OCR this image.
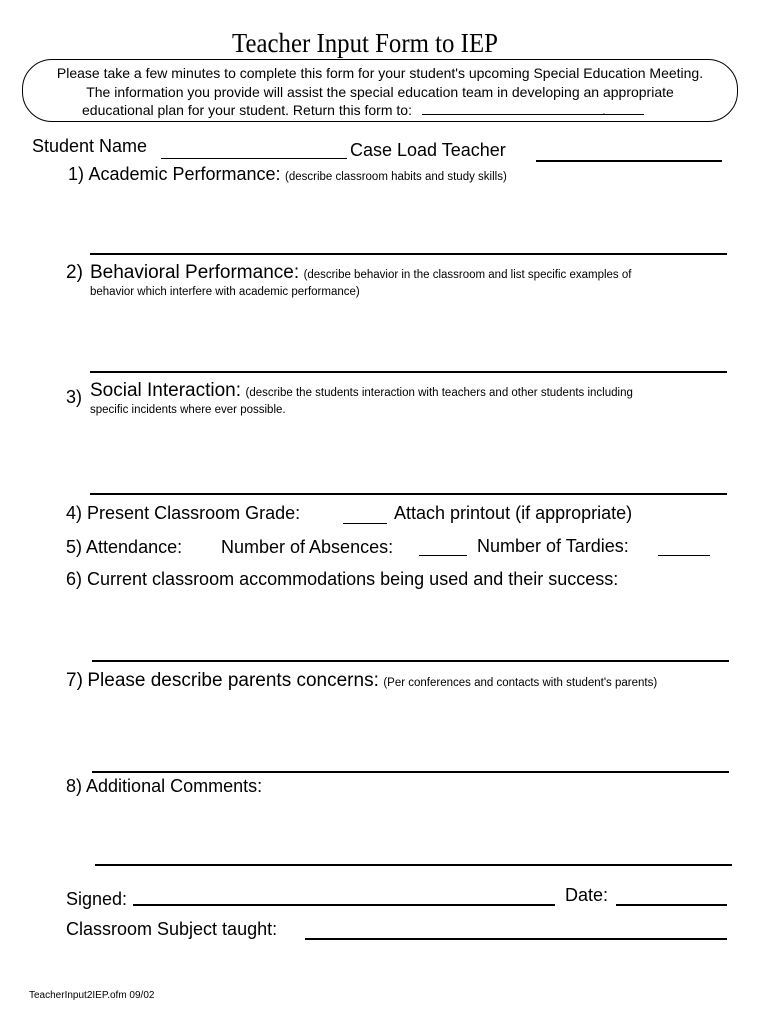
Teacher Input Form to IEP
Please take a few minutes to complete this form for your student's upcoming Special Education Meeting.
The information you provide will assist the special education team in developing an appropriate
educational plan for your student. Return this form to:	.
Student Name	Case Load Teacher
1) Academic Performance: (describe classroom habits and study skills)
2) Behavioral Performance: (describe behavior in the classroom and list specific examples of
behavior which interfere with academic performance)
3) Social Interaction: (describe the students interaction with teachers and other students including
specific incidents where ever possible.
4) Present Classroom Grade:	Attach printout (if appropriate)
5) Attendance: Number of Absences:	Number of Tardies:
6) Current classroom accommodations being used and their success:
7) Please describe parents concerns: (Per conferences and contacts with student's parents)
8) Additional Comments:
Signed:	Date:
Classroom Subject taught:
TeacherInput2IEP.ofm 09/02
